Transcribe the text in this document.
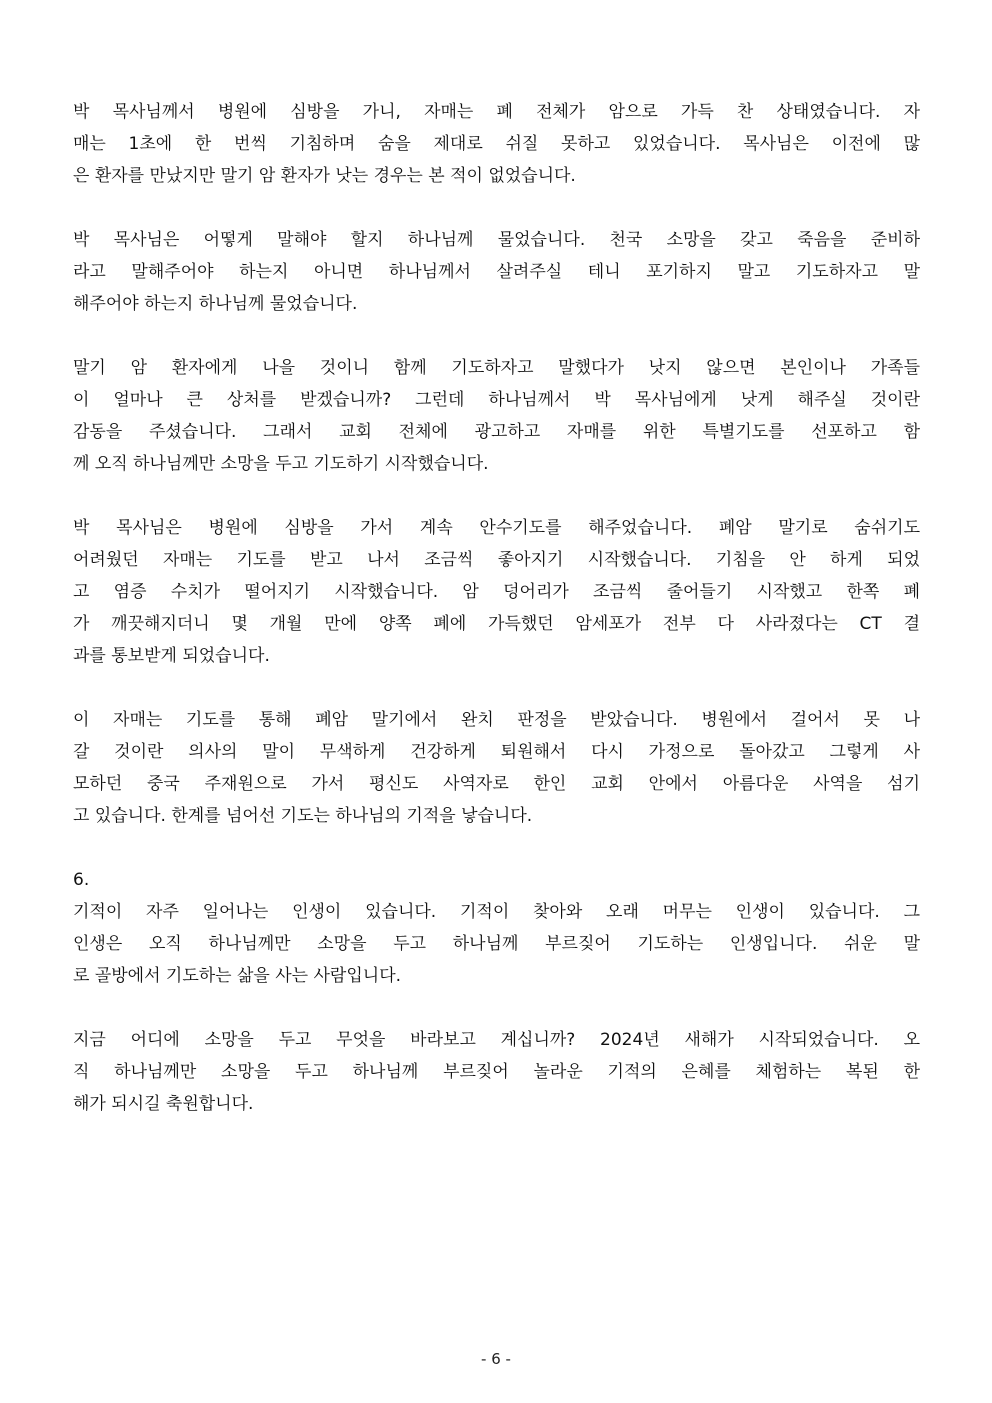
박 목사님께서 병원에 심방을 가니, 자매는 폐 전체가 암으로 가득 찬 상태였습니다. 자
매는 1초에 한 번씩 기침하며 숨을 제대로 쉬질 못하고 있었습니다. 목사님은 이전에 많
은 환자를 만났지만 말기 암 환자가 낫는 경우는 본 적이 없었습니다.
박 목사님은 어떻게 말해야 할지 하나님께 물었습니다. 천국 소망을 갖고 죽음을 준비하
라고 말해주어야 하는지 아니면 하나님께서 살려주실 테니 포기하지 말고 기도하자고 말
해주어야 하는지 하나님께 물었습니다.
말기 암 환자에게 나을 것이니 함께 기도하자고 말했다가 낫지 않으면 본인이나 가족들
이 얼마나 큰 상처를 받겠습니까? 그런데 하나님께서 박 목사님에게 낫게 해주실 것이란
감동을 주셨습니다. 그래서 교회 전체에 광고하고 자매를 위한 특별기도를 선포하고 함
께 오직 하나님께만 소망을 두고 기도하기 시작했습니다.
박 목사님은 병원에 심방을 가서 계속 안수기도를 해주었습니다. 폐암 말기로 숨쉬기도
어려웠던 자매는 기도를 받고 나서 조금씩 좋아지기 시작했습니다. 기침을 안 하게 되었
고 염증 수치가 떨어지기 시작했습니다. 암 덩어리가 조금씩 줄어들기 시작했고 한쪽 폐
가 깨끗해지더니 몇 개월 만에 양쪽 폐에 가득했던 암세포가 전부 다 사라졌다는 CT 결
과를 통보받게 되었습니다.
이 자매는 기도를 통해 폐암 말기에서 완치 판정을 받았습니다. 병원에서 걸어서 못 나
갈 것이란 의사의 말이 무색하게 건강하게 퇴원해서 다시 가정으로 돌아갔고 그렇게 사
모하던 중국 주재원으로 가서 평신도 사역자로 한인 교회 안에서 아름다운 사역을 섬기
고 있습니다. 한계를 넘어선 기도는 하나님의 기적을 낳습니다.
6.
기적이 자주 일어나는 인생이 있습니다. 기적이 찾아와 오래 머무는 인생이 있습니다. 그
인생은 오직 하나님께만 소망을 두고 하나님께 부르짖어 기도하는 인생입니다. 쉬운 말
로 골방에서 기도하는 삶을 사는 사람입니다.
지금 어디에 소망을 두고 무엇을 바라보고 계십니까? 2024년 새해가 시작되었습니다. 오
직 하나님께만 소망을 두고 하나님께 부르짖어 놀라운 기적의 은혜를 체험하는 복된 한
해가 되시길 축원합니다.
- 6 -
